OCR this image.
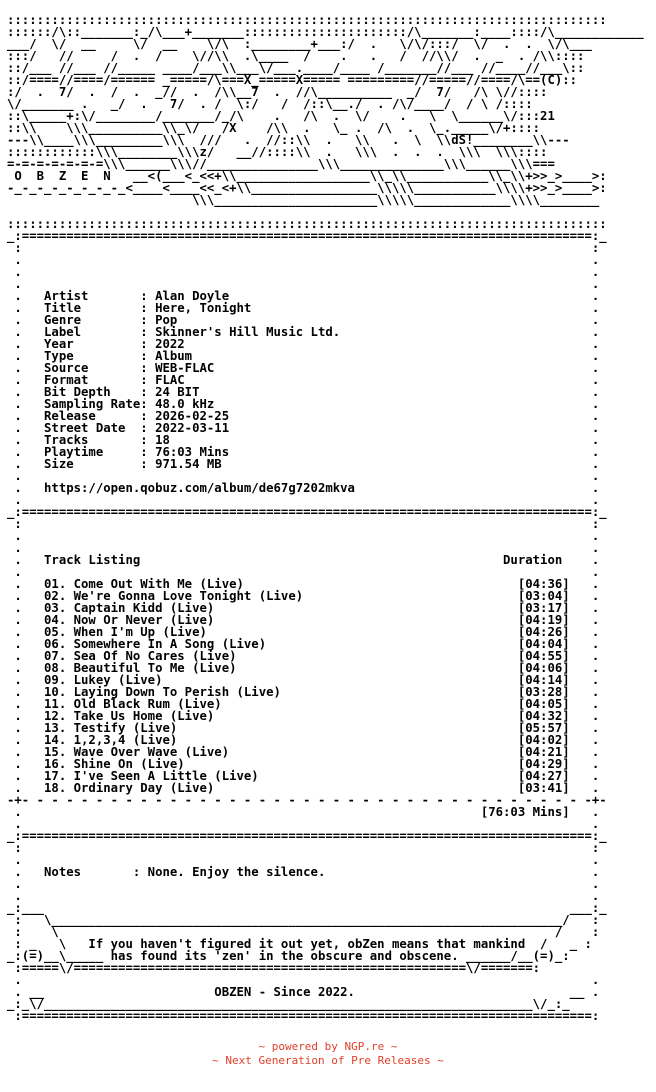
:::::::::::::::::::::::::::::::::::::::::::::::::::::::::::::::::::::::::::::::::
::::::/\::_______:_/\___+_______::::::::::::::::::::::/\_______:____::::/\____________
___/  \/  __     \/  __    \/\  :________+___:/  .   \/\/:::/  \/  .  .  \/\___
:::/   //     /  .  /    \//\\  .\____  /    .   .   /  //\\/  .  _  . /\\::::
::/___ //___ //_____ ____/___\\___\/___.____/____ /_______//___ //____//___\::
::/====//====/====== _=====/\===X_=====X===== =========//=====//====/\==(C)::
:/  .  7/  .  /  .  _//  .  /\\__7  .  //\__________  _/  7/   /\ \//::::
\/_______ .   _/  .   7/  . /  \:/   /  /::\__./  . /\/____/  / \ /::::
::\_____+:\/________/_______/_/\    .   /\  .  \/    .   \  \______\/:::21
::\\    \\\__________\\_\/   /X    /\\  .   \_ .  /\  .  \_._____\/+::::
---\\____\\\_________\\\  ///   .  //::\\  .   \\   .  \  \\dS!________\\---
::::::::::::\\\________\\\z/   __//::::\\  .   \\\  .  .  .  \\\  \\\::::
=-=-=-=-=-=-=\\\______\\\//_______________\\\______________\\\______\\\===
O  B  Z  E  N   __<(___<_<<+\\__________________\\_\\___________\\_\\+>>_>____>:
-_-_-_-_-_-_-_-_<____<____<<_<+\\_________________\\\\\___________\\\\+>>_>____>:
\\\______________________\\\\\_____________\\\\________

:::::::::::::::::::::::::::::::::::::::::::::::::::::::::::::::::::::::::::::::::
_:=============================================================================:_
:                                                                             :
.                                                                             .
.                                                                             .
.                                                                             .
.   Artist       : Alan Doyle                                                 .
.   Title        : Here, Tonight                                              .
.   Genre        : Pop                                                        .
.   Label        : Skinner's Hill Music Ltd.                                  .
.   Year         : 2022                                                       .
.   Type         : Album                                                      .
.   Source       : WEB-FLAC                                                   .
.   Format       : FLAC                                                       .
.   Bit Depth    : 24 BIT                                                     .
.   Sampling Rate: 48.0 kHz                                                   .
.   Release      : 2026-02-25                                                 .
.   Street Date  : 2022-03-11                                                 .
.   Tracks       : 18                                                         .
.   Playtime     : 76:03 Mins                                                 .
.   Size         : 971.54 MB                                                  .
.                                                                             .
.   https://open.qobuz.com/album/de67g7202mkva                                .
.                                                                             .
_:=============================================================================:_
:                                                                             :
.                                                                             .
.                                                                             .
.   Track Listing                                                 Duration    .
.                                                                             .
.   01. Come Out With Me (Live)                                     [04:36]   .
.   02. We're Gonna Love Tonight (Live)                             [03:04]   .
.   03. Captain Kidd (Live)                                         [03:17]   .
.   04. Now Or Never (Live)                                         [04:19]   .
.   05. When I'm Up (Live)                                          [04:26]   .
.   06. Somewhere In A Song (Live)                                  [04:04]   .
.   07. Sea Of No Cares (Live)                                      [04:55]   .
.   08. Beautiful To Me (Live)                                      [04:06]   .
.   09. Lukey (Live)                                                [04:14]   .
.   10. Laying Down To Perish (Live)                                [03:28]   .
.   11. Old Black Rum (Live)                                        [04:05]   .
.   12. Take Us Home (Live)                                         [04:32]   .
.   13. Testify (Live)                                              [05:57]   .
.   14. 1,2,3,4 (Live)                                              [04:02]   .
.   15. Wave Over Wave (Live)                                       [04:21]   .
.   16. Shine On (Live)                                             [04:29]   .
.   17. I've Seen A Little (Live)                                   [04:27]   .
.   18. Ordinary Day (Live)                                         [03:41]   .
-+- - - - - - - - - - - - - - - - - - - - - - - - - - - - - - - - - - - - - - -+-
.                                                              [76:03 Mins]   .
.                                                                             .
_:=============================================================================:_
:                                                                             :
.                                                                             .
.   Notes       : None. Enjoy the silence.                                    .
.                                                                             .
.                                                                             .
_:___                                                                       ___:_
:   \_____________________________________________________________________/   :
:    \                                                                   /    :
: _   \   If you haven't figured it out yet, obZen means that mankind  /   _ :
_:(=)__\_____ has found its 'zen' in the obscure and obscene. ______/__(=)_:
:=====\/=====================================================\/=======:
.                                                                             .
. __                       OBZEN - Since 2022.                             __ .
_:_\/__________________________________________________________________\/_:_
:=============================================================================:
~ powered by NGP.re ~
~ Next Generation of Pre Releases ~
